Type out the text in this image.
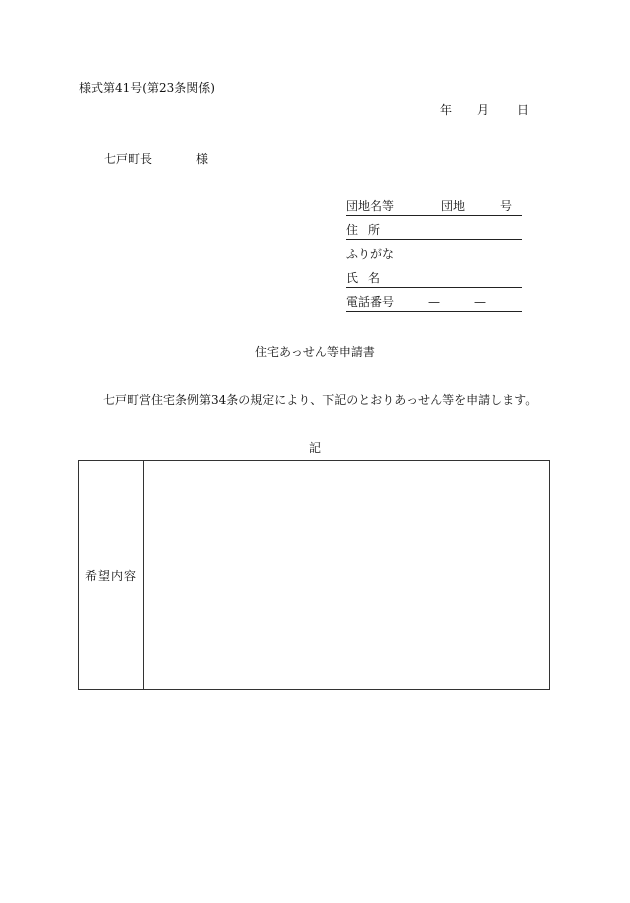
様式第41号(第23条関係)
年 月 日
七戸町長	様
団地名等	団地	号
住所
ふりがな
氏名
電話番号	—	—
住宅あっせん等申請書
七戸町営住宅条例第34条の規定により、下記のとおりあっせん等を申請します。
記
希望内容
